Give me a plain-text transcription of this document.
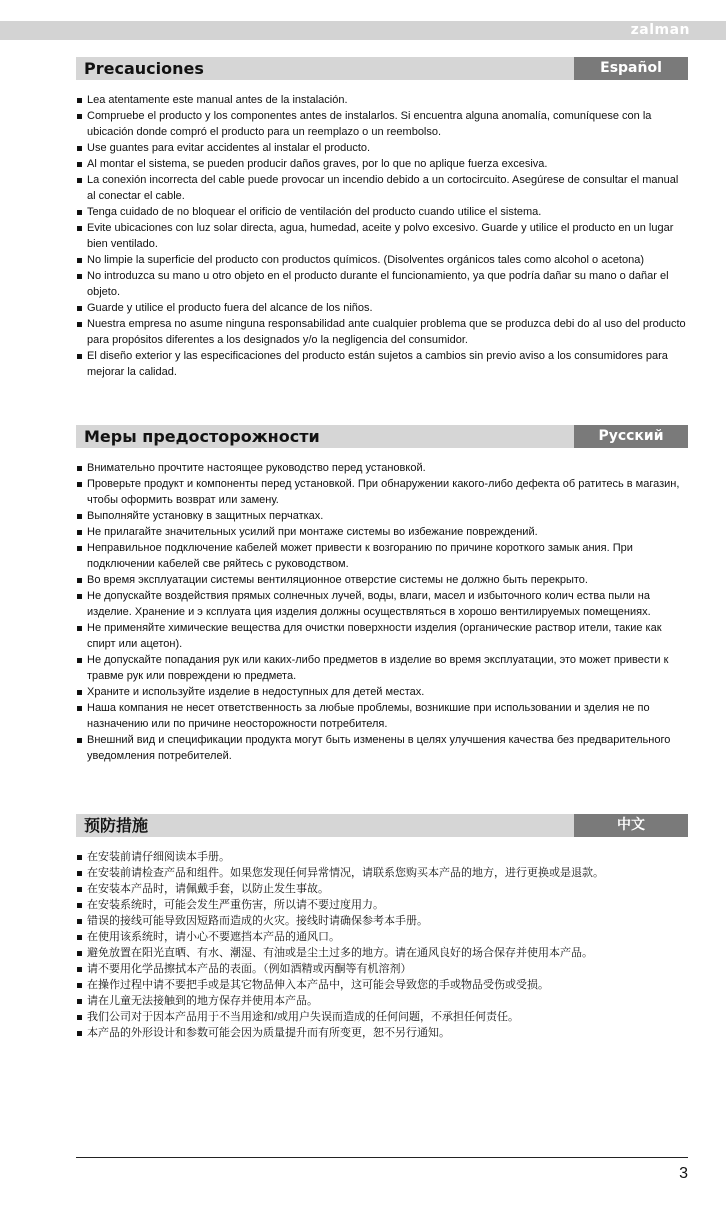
zalman
Precauciones	Español
Lea atentamente este manual antes de la instalación.
Compruebe el producto y los componentes antes de instalarlos. Si encuentra alguna anomalía, comuníquese con la ubicación donde compró el producto para un reemplazo o un reembolso.
Use guantes para evitar accidentes al instalar el producto.
Al montar el sistema, se pueden producir daños graves, por lo que no aplique fuerza excesiva.
La conexión incorrecta del cable puede provocar un incendio debido a un cortocircuito. Asegúrese de consultar el manual al conectar el cable.
Tenga cuidado de no bloquear el orificio de ventilación del producto cuando utilice el sistema.
Evite ubicaciones con luz solar directa, agua, humedad, aceite y polvo excesivo. Guarde y utilice el producto en un lugar bien ventilado.
No limpie la superficie del producto con productos químicos. (Disolventes orgánicos tales como alcohol o acetona)
No introduzca su mano u otro objeto en el producto durante el funcionamiento, ya que podría dañar su mano o dañar el objeto.
Guarde y utilice el producto fuera del alcance de los niños.
Nuestra empresa no asume ninguna responsabilidad ante cualquier problema que se produzca debi do al uso del producto para propósitos diferentes a los designados y/o la negligencia del consumidor.
El diseño exterior y las especificaciones del producto están sujetos a cambios sin previo aviso a los consumidores para mejorar la calidad.
Меры предосторожности	Русский
Внимательно прочтите настоящее руководство перед установкой.
Проверьте продукт и компоненты перед установкой. При обнаружении какого-либо дефекта об ратитесь в магазин, чтобы оформить возврат или замену.
Выполняйте установку в защитных перчатках.
Не прилагайте значительных усилий при монтаже системы во избежание повреждений.
Неправильное подключение кабелей может привести к возгоранию по причине короткого замык ания. При подключении кабелей све ряйтесь с руководством.
Во время эксплуатации системы вентиляционное отверстие системы не должно быть перекрыто.
Не допускайте воздействия прямых солнечных лучей, воды, влаги, масел и избыточного колич ества пыли на изделие. Хранение и э ксплуата ция изделия должны осуществляться в хорошо вентилируемых помещениях.
Не применяйте химические вещества для очистки поверхности изделия (органические раствор ители, такие как спирт или ацетон).
Не допускайте попадания рук или каких-либо предметов в изделие во время эксплуатации, это может привести к травме рук или повреждени ю предмета.
Храните и используйте изделие в недоступных для детей местах.
Наша компания не несет ответственность за любые проблемы, возникшие при использовании и зделия не по назначению или по причине неосторожности потребителя.
Внешний вид и спецификации продукта могут быть изменены в целях улучшения качества без предварительного уведомления потребителей.
预防措施	中文
在安装前请仔细阅读本手册。
在安装前请检查产品和组件。如果您发现任何异常情况，请联系您购买本产品的地方，进行更换或是退款。
在安装本产品时，请佩戴手套，以防止发生事故。
在安装系统时，可能会发生严重伤害，所以请不要过度用力。
错误的接线可能导致因短路而造成的火灾。接线时请确保参考本手册。
在使用该系统时，请小心不要遮挡本产品的通风口。
避免放置在阳光直晒、有水、潮湿、有油或是尘土过多的地方。请在通风良好的场合保存并使用本产品。
请不要用化学品擦拭本产品的表面。（例如酒精或丙酮等有机溶剂）
在操作过程中请不要把手或是其它物品伸入本产品中，这可能会导致您的手或物品受伤或受损。
请在儿童无法接触到的地方保存并使用本产品。
我们公司对于因本产品用于不当用途和/或用户失误而造成的任何问题，不承担任何责任。
本产品的外形设计和参数可能会因为质量提升而有所变更，恕不另行通知。
3
